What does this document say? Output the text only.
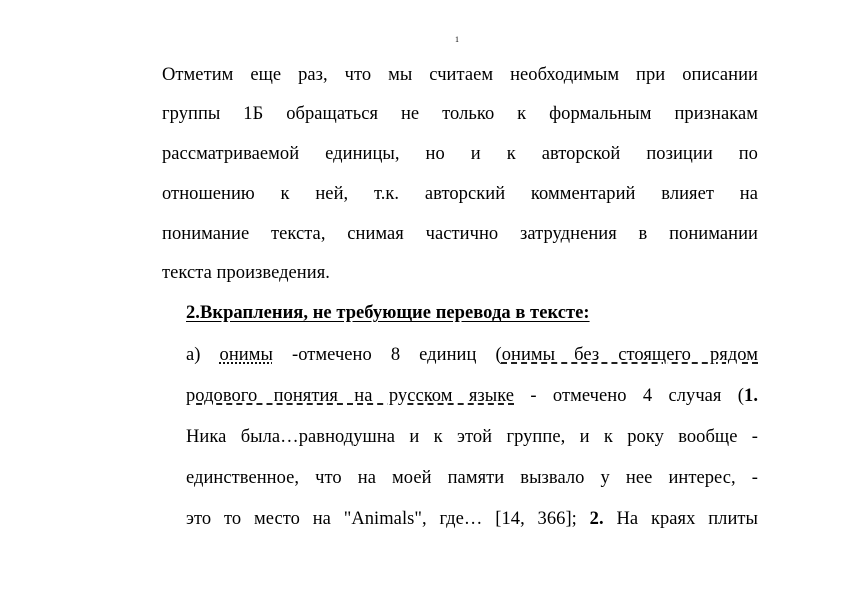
1
Отметим еще раз, что мы считаем необходимым при описании
группы 1Б обращаться не только к формальным признакам
рассматриваемой единицы, но и к авторской позиции по
отношению к ней, т.к. авторский комментарий влияет на
понимание текста, снимая частично затруднения в понимании
текста произведения.
2.Вкрапления, не требующие перевода в тексте:
а) онимы -отмечено 8 единиц (онимы без стоящего рядом
родового понятия на русском языке - отмечено 4 случая (1.
Ника была…равнодушна и к этой группе, и к року вообще -
единственное, что на моей памяти вызвало у нее интерес, -
это то место на "Animals", где… [14, 366]; 2. На краях плиты
